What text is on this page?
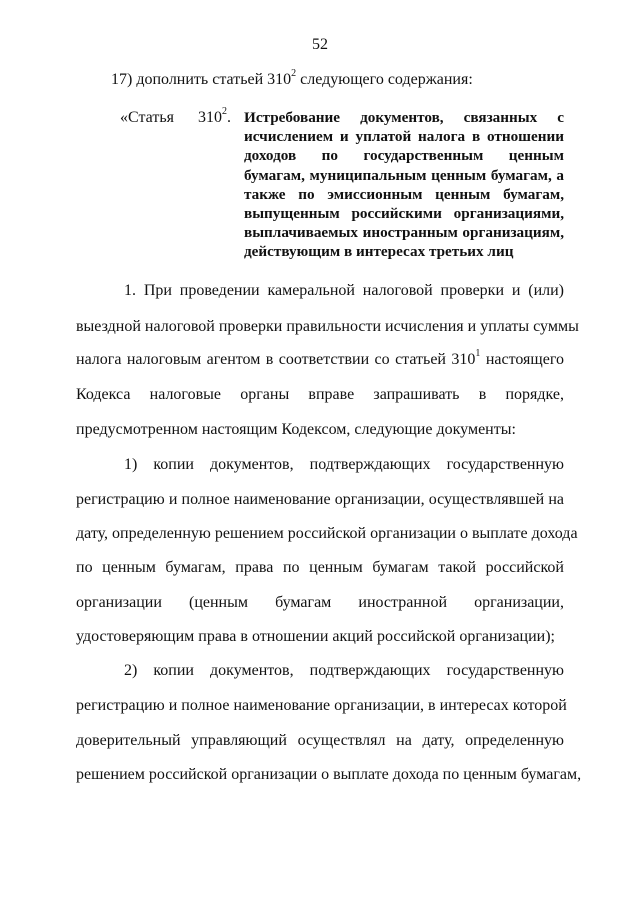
52
17) дополнить статьей $310^2$ следующего содержания:
«Статья $310^2$. Истребование документов, связанных с
исчислением и уплатой налога в отношении
доходов по государственным ценным
бумагам, муниципальным ценным бумагам, а
также по эмиссионным ценным бумагам,
выпущенным российскими организациями,
выплачиваемых иностранным организациям,
действующим в интересах третьих лиц
1. При проведении камеральной налоговой проверки и (или)
выездной налоговой проверки правильности исчисления и уплаты суммы
налога налоговым агентом в соответствии со статьей $310^1$ настоящего
Кодекса налоговые органы вправе запрашивать в порядке,
предусмотренном настоящим Кодексом, следующие документы:
1) копии документов, подтверждающих государственную
регистрацию и полное наименование организации, осуществлявшей на
дату, определенную решением российской организации о выплате дохода
по ценным бумагам, права по ценным бумагам такой российской
организации (ценным бумагам иностранной организации,
удостоверяющим права в отношении акций российской организации);
2) копии документов, подтверждающих государственную
регистрацию и полное наименование организации, в интересах которой
доверительный управляющий осуществлял на дату, определенную
решением российской организации о выплате дохода по ценным бумагам,
